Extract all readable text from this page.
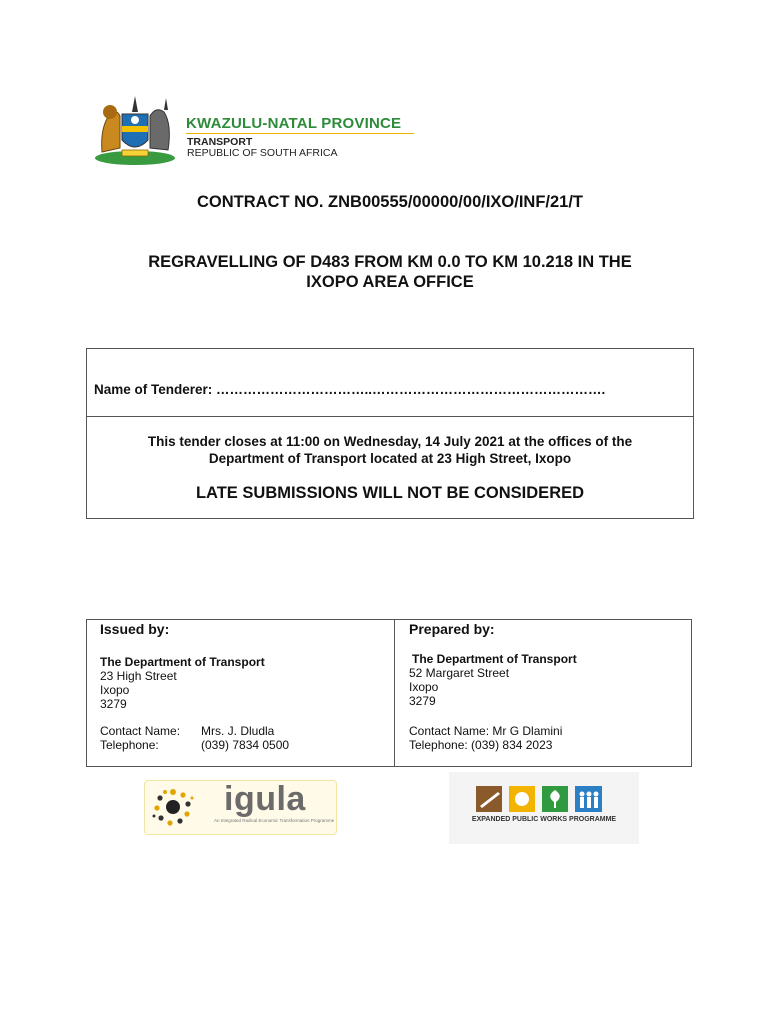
KWAZULU-NATAL PROVINCE
TRANSPORT
REPUBLIC OF SOUTH AFRICA
CONTRACT NO. ZNB00555/00000/00/IXO/INF/21/T
REGRAVELLING OF D483 FROM KM 0.0 TO KM 10.218 IN THE
IXOPO AREA OFFICE
Name of Tenderer: ……………………………..…………………………………………….
This tender closes at 11:00 on Wednesday, 14 July 2021 at the offices of the
Department of Transport located at 23 High Street, Ixopo
LATE SUBMISSIONS WILL NOT BE CONSIDERED
Issued by:
The Department of Transport
23 High Street
Ixopo
3279
Contact Name: Mrs. J. Dludla
Telephone:	(039) 7834 0500
Prepared by:
The Department of Transport
52 Margaret Street
Ixopo
3279
Contact Name: Mr G Dlamini
Telephone: (039) 834 2023
igula
An Integrated Radical Economic Transformation Programme	EXPANDED PUBLIC WORKS PROGRAMME
